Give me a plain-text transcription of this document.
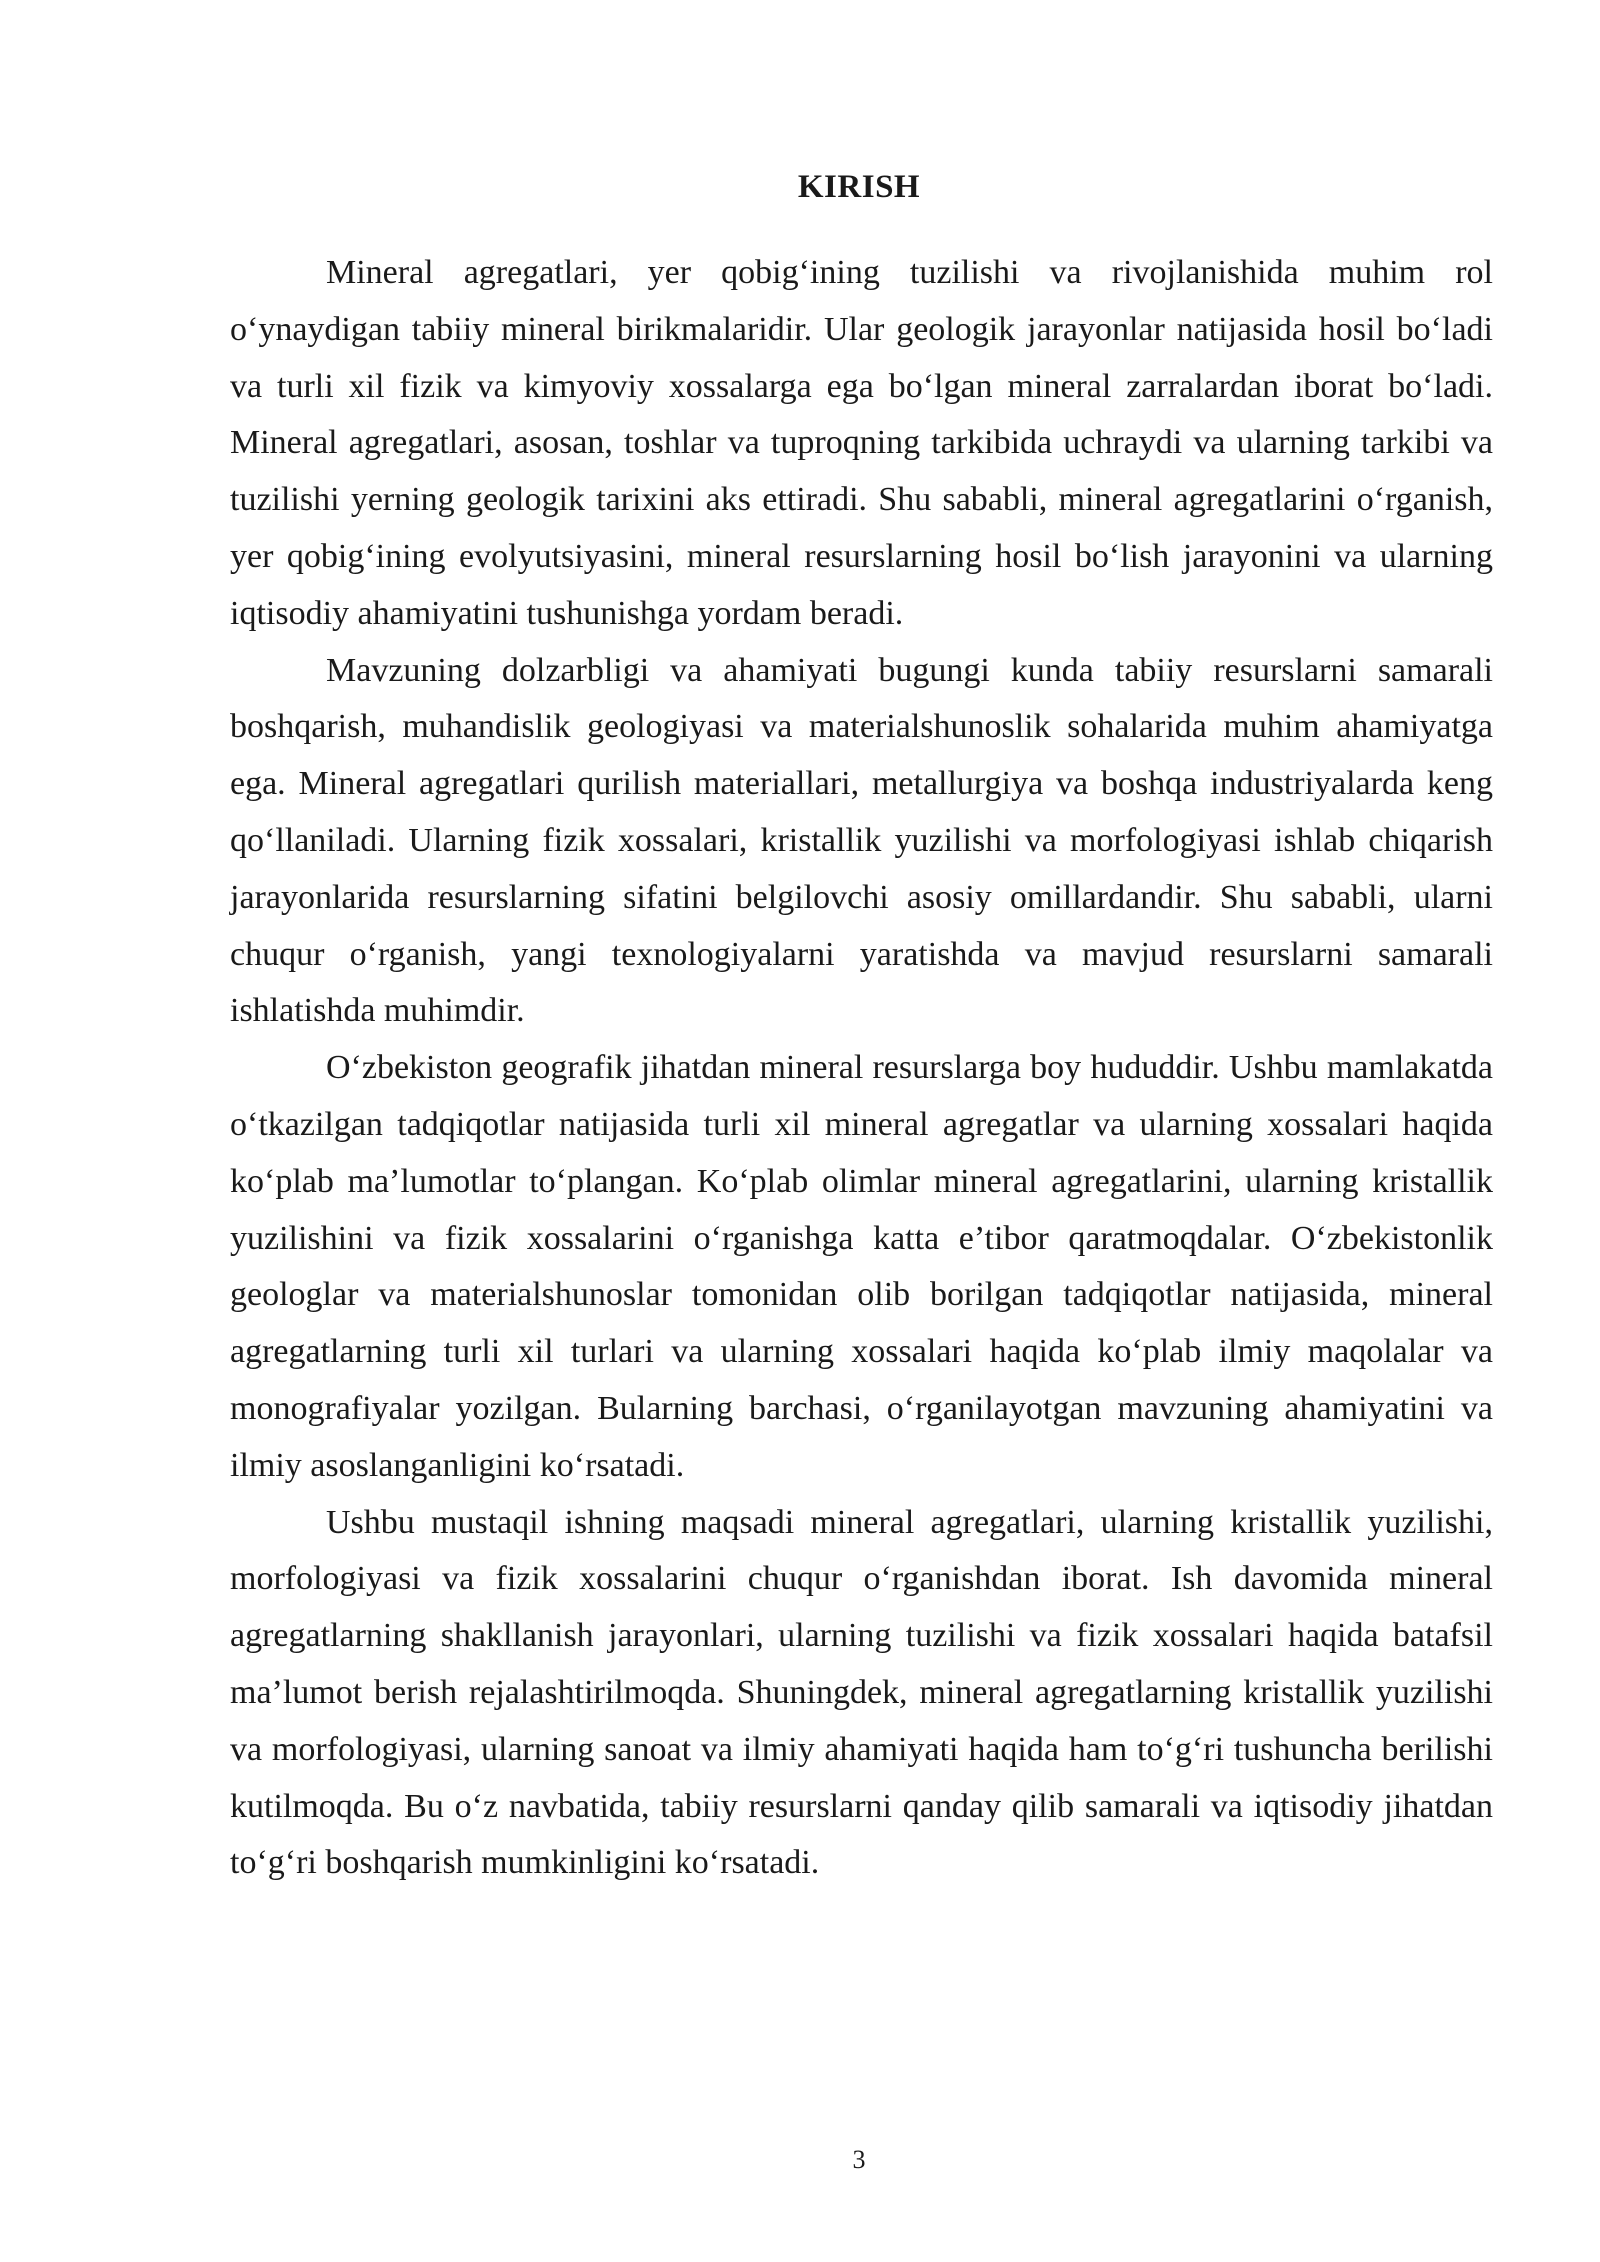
KIRISH

Mineral agregatlari, yer qobig‘ining tuzilishi va rivojlanishida muhim rol o‘ynaydigan tabiiy mineral birikmalaridir. Ular geologik jarayonlar natijasida hosil bo‘ladi va turli xil fizik va kimyoviy xossalarga ega bo‘lgan mineral zarralardan iborat bo‘ladi. Mineral agregatlari, asosan, toshlar va tuproqning tarkibida uchraydi va ularning tarkibi va tuzilishi yerning geologik tarixini aks ettiradi. Shu sababli, mineral agregatlarini o‘rganish, yer qobig‘ining evolyutsiyasini, mineral resurslarning hosil bo‘lish jarayonini va ularning iqtisodiy ahamiyatini tushunishga yordam beradi.

Mavzuning dolzarbligi va ahamiyati bugungi kunda tabiiy resurslarni samarali boshqarish, muhandislik geologiyasi va materialshunoslik sohalarida muhim ahamiyatga ega. Mineral agregatlari qurilish materiallari, metallurgiya va boshqa industriyalarda keng qo‘llaniladi. Ularning fizik xossalari, kristallik yuzilishi va morfologiyasi ishlab chiqarish jarayonlarida resurslarning sifatini belgilovchi asosiy omillardandir. Shu sababli, ularni chuqur o‘rganish, yangi texnologiyalarni yaratishda va mavjud resurslarni samarali ishlatishda muhimdir.

O‘zbekiston geografik jihatdan mineral resurslarga boy hududdir. Ushbu mamlakatda o‘tkazilgan tadqiqotlar natijasida turli xil mineral agregatlar va ularning xossalari haqida ko‘plab ma’lumotlar to‘plangan. Ko‘plab olimlar mineral agregatlarini, ularning kristallik yuzilishini va fizik xossalarini o‘rganishga katta e’tibor qaratmoqdalar. O‘zbekistonlik geologlar va materialshunoslar tomonidan olib borilgan tadqiqotlar natijasida, mineral agregatlarning turli xil turlari va ularning xossalari haqida ko‘plab ilmiy maqolalar va monografiyalar yozilgan. Bularning barchasi, o‘rganilayotgan mavzuning ahamiyatini va ilmiy asoslanganligini ko‘rsatadi.

Ushbu mustaqil ishning maqsadi mineral agregatlari, ularning kristallik yuzilishi, morfologiyasi va fizik xossalarini chuqur o‘rganishdan iborat. Ish davomida mineral agregatlarning shakllanish jarayonlari, ularning tuzilishi va fizik xossalari haqida batafsil ma’lumot berish rejalashtirilmoqda. Shuningdek, mineral agregatlarning kristallik yuzilishi va morfologiyasi, ularning sanoat va ilmiy ahamiyati haqida ham to‘g‘ri tushuncha berilishi kutilmoqda. Bu o‘z navbatida, tabiiy resurslarni qanday qilib samarali va iqtisodiy jihatdan to‘g‘ri boshqarish mumkinligini ko‘rsatadi.

3
